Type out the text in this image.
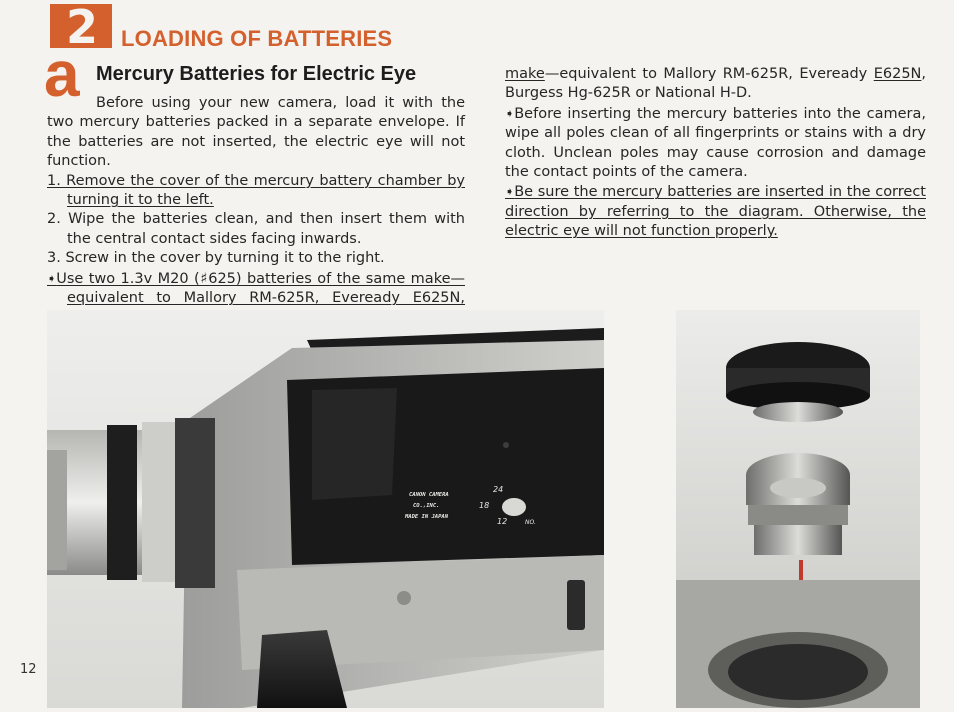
2 LOADING OF BATTERIES
a Mercury Batteries for Electric Eye

Before using your new camera, load it with the two mercury batteries packed in a separate envelope. If the batteries are not inserted, the electric eye will not function.

1. Remove the cover of the mercury battery chamber by turning it to the left.

2. Wipe the batteries clean, and then insert them with the central contact sides facing inwards.

3. Screw in the cover by turning it to the right.

➧Use two 1.3v M20 (♯625) batteries of the same make—equivalent to Mallory RM-625R, Eveready E625N,

make—equivalent to Mallory RM-625R, Eveready E625N, Burgess Hg-625R or National H-D.

➧Before inserting the mercury batteries into the camera, wipe all poles clean of all fingerprints or stains with a dry cloth. Unclean poles may cause corrosion and damage the contact points of the camera.

➧Be sure the mercury batteries are inserted in the correct direction by referring to the diagram. Otherwise, the electric eye will not function properly.

12
CANON CAMERA
CO.,INC.
MADE IN JAPAN
24
18
12	NO.
